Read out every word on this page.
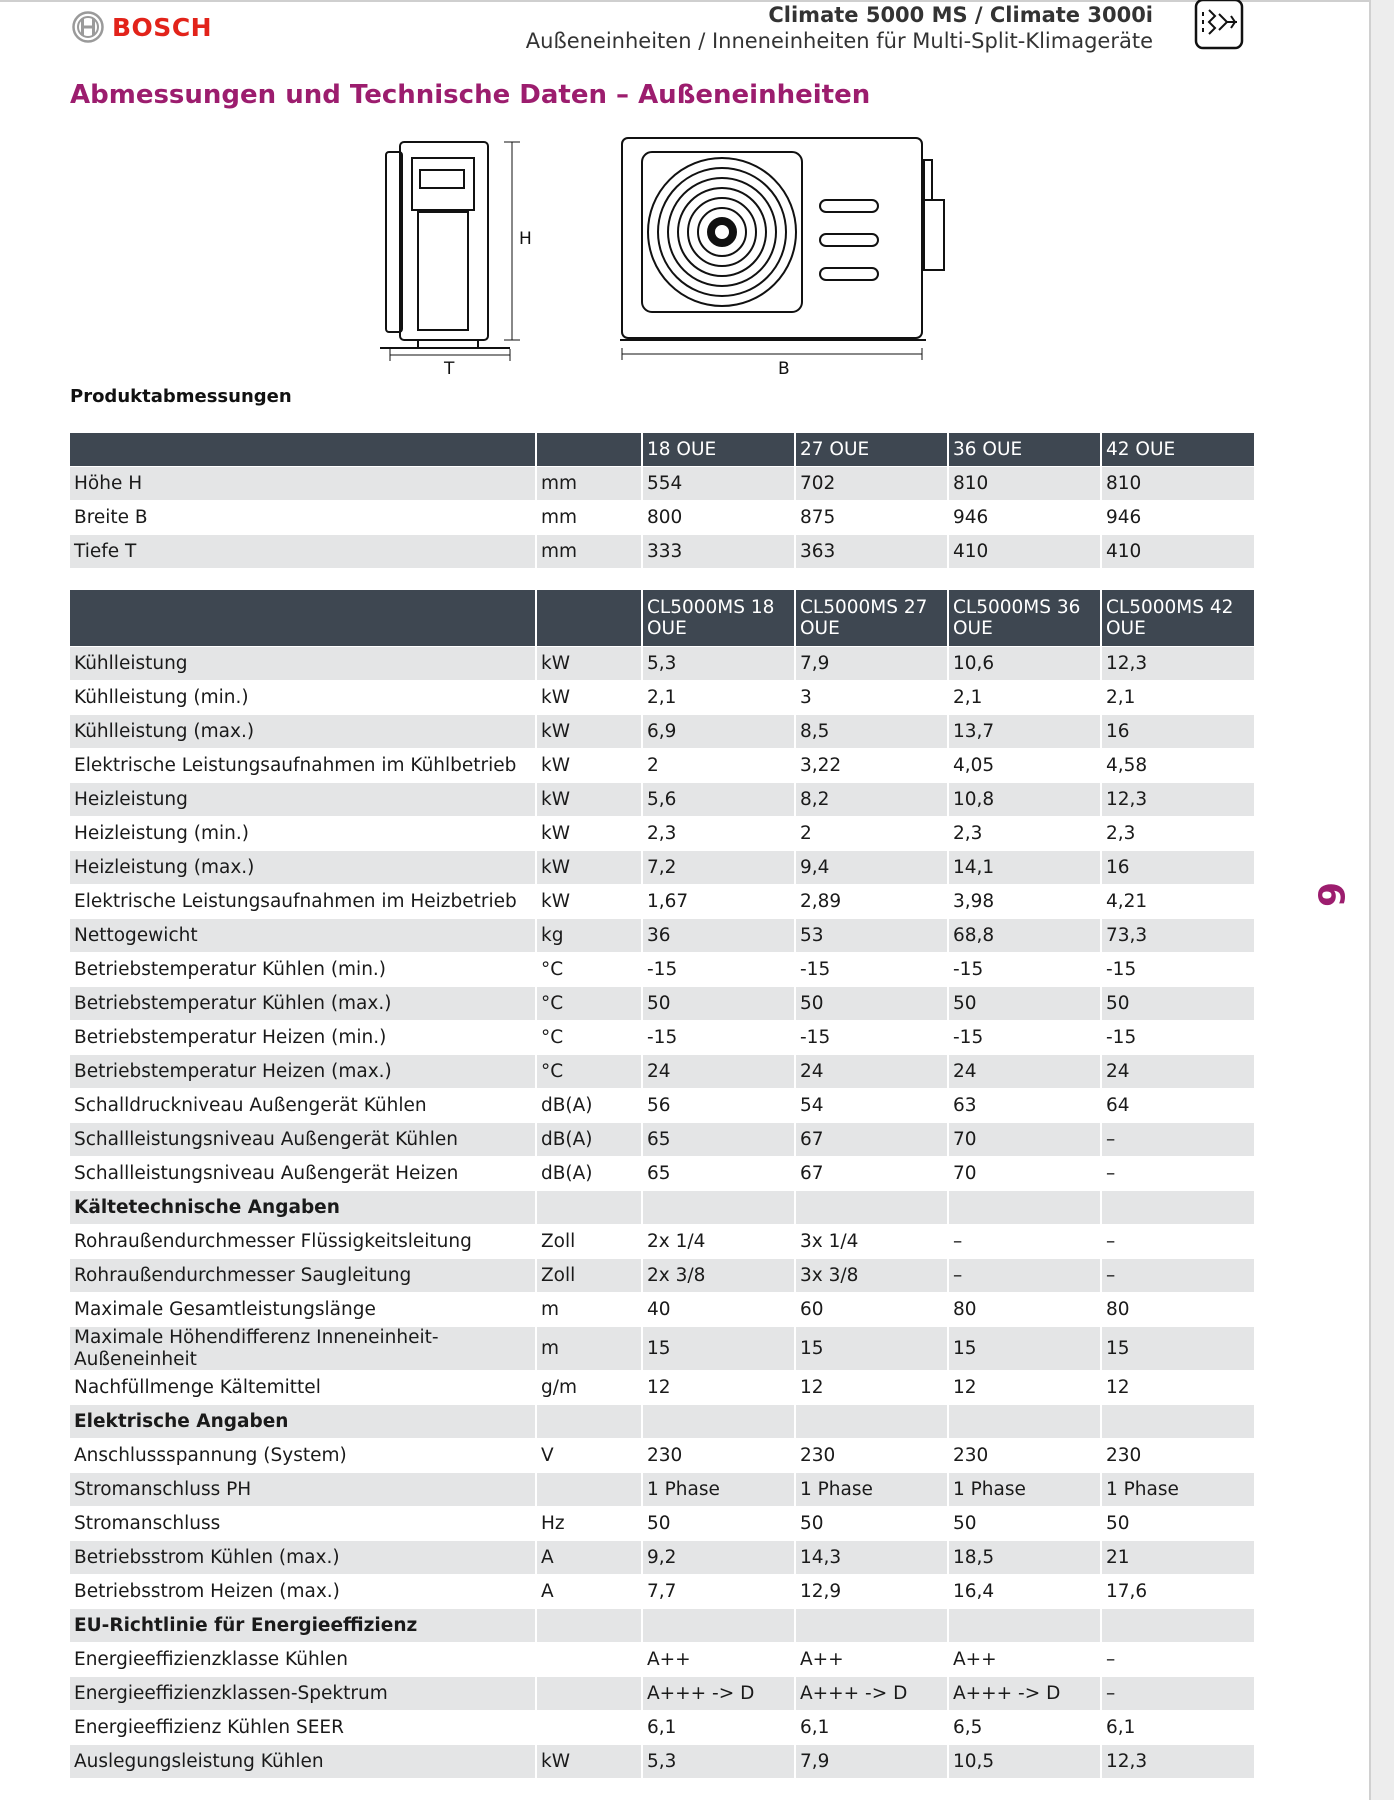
BOSCH	Climate 5000 MS / Climate 3000i
Außeneinheiten / Inneneinheiten für Multi-Split-Klimageräte
Abmessungen und Technische Daten – Außeneinheiten
H
T	B
Produktabmessungen
		18 OUE	27 OUE	36 OUE	42 OUE
Höhe H	mm	554	702	810	810
Breite B	mm	800	875	946	946
Tiefe T	mm	333	363	410	410
		CL5000MS 18 OUE	CL5000MS 27 OUE	CL5000MS 36 OUE	CL5000MS 42 OUE
Kühlleistung	kW	5,3	7,9	10,6	12,3
Kühlleistung (min.)	kW	2,1	3	2,1	2,1
Kühlleistung (max.)	kW	6,9	8,5	13,7	16
Elektrische Leistungsaufnahmen im Kühlbetrieb	kW	2	3,22	4,05	4,58
Heizleistung	kW	5,6	8,2	10,8	12,3
Heizleistung (min.)	kW	2,3	2	2,3	2,3
Heizleistung (max.)	kW	7,2	9,4	14,1	16
Elektrische Leistungsaufnahmen im Heizbetrieb	kW	1,67	2,89	3,98	4,21
Nettogewicht	kg	36	53	68,8	73,3
Betriebstemperatur Kühlen (min.)	°C	-15	-15	-15	-15
Betriebstemperatur Kühlen (max.)	°C	50	50	50	50
Betriebstemperatur Heizen (min.)	°C	-15	-15	-15	-15
Betriebstemperatur Heizen (max.)	°C	24	24	24	24
Schalldruckniveau Außengerät Kühlen	dB(A)	56	54	63	64
Schallleistungsniveau Außengerät Kühlen	dB(A)	65	67	70	–
Schallleistungsniveau Außengerät Heizen	dB(A)	65	67	70	–
Kältetechnische Angaben					
Rohraußendurchmesser Flüssigkeitsleitung	Zoll	2x 1/4	3x 1/4	–	–
Rohraußendurchmesser Saugleitung	Zoll	2x 3/8	3x 3/8	–	–
Maximale Gesamtleistungslänge	m	40	60	80	80
Maximale Höhendifferenz Inneneinheit-Außeneinheit	m	15	15	15	15
Nachfüllmenge Kältemittel	g/m	12	12	12	12
Elektrische Angaben					
Anschlussspannung (System)	V	230	230	230	230
Stromanschluss PH		1 Phase	1 Phase	1 Phase	1 Phase
Stromanschluss	Hz	50	50	50	50
Betriebsstrom Kühlen (max.)	A	9,2	14,3	18,5	21
Betriebsstrom Heizen (max.)	A	7,7	12,9	16,4	17,6
EU-Richtlinie für Energieeffizienz					
Energieeffizienzklasse Kühlen		A++	A++	A++	–
Energieeffizienzklassen-Spektrum		A+++ -> D	A+++ -> D	A+++ -> D	–
Energieeffizienz Kühlen SEER		6,1	6,1	6,5	6,1
Auslegungsleistung Kühlen	kW	5,3	7,9	10,5	12,3
6
